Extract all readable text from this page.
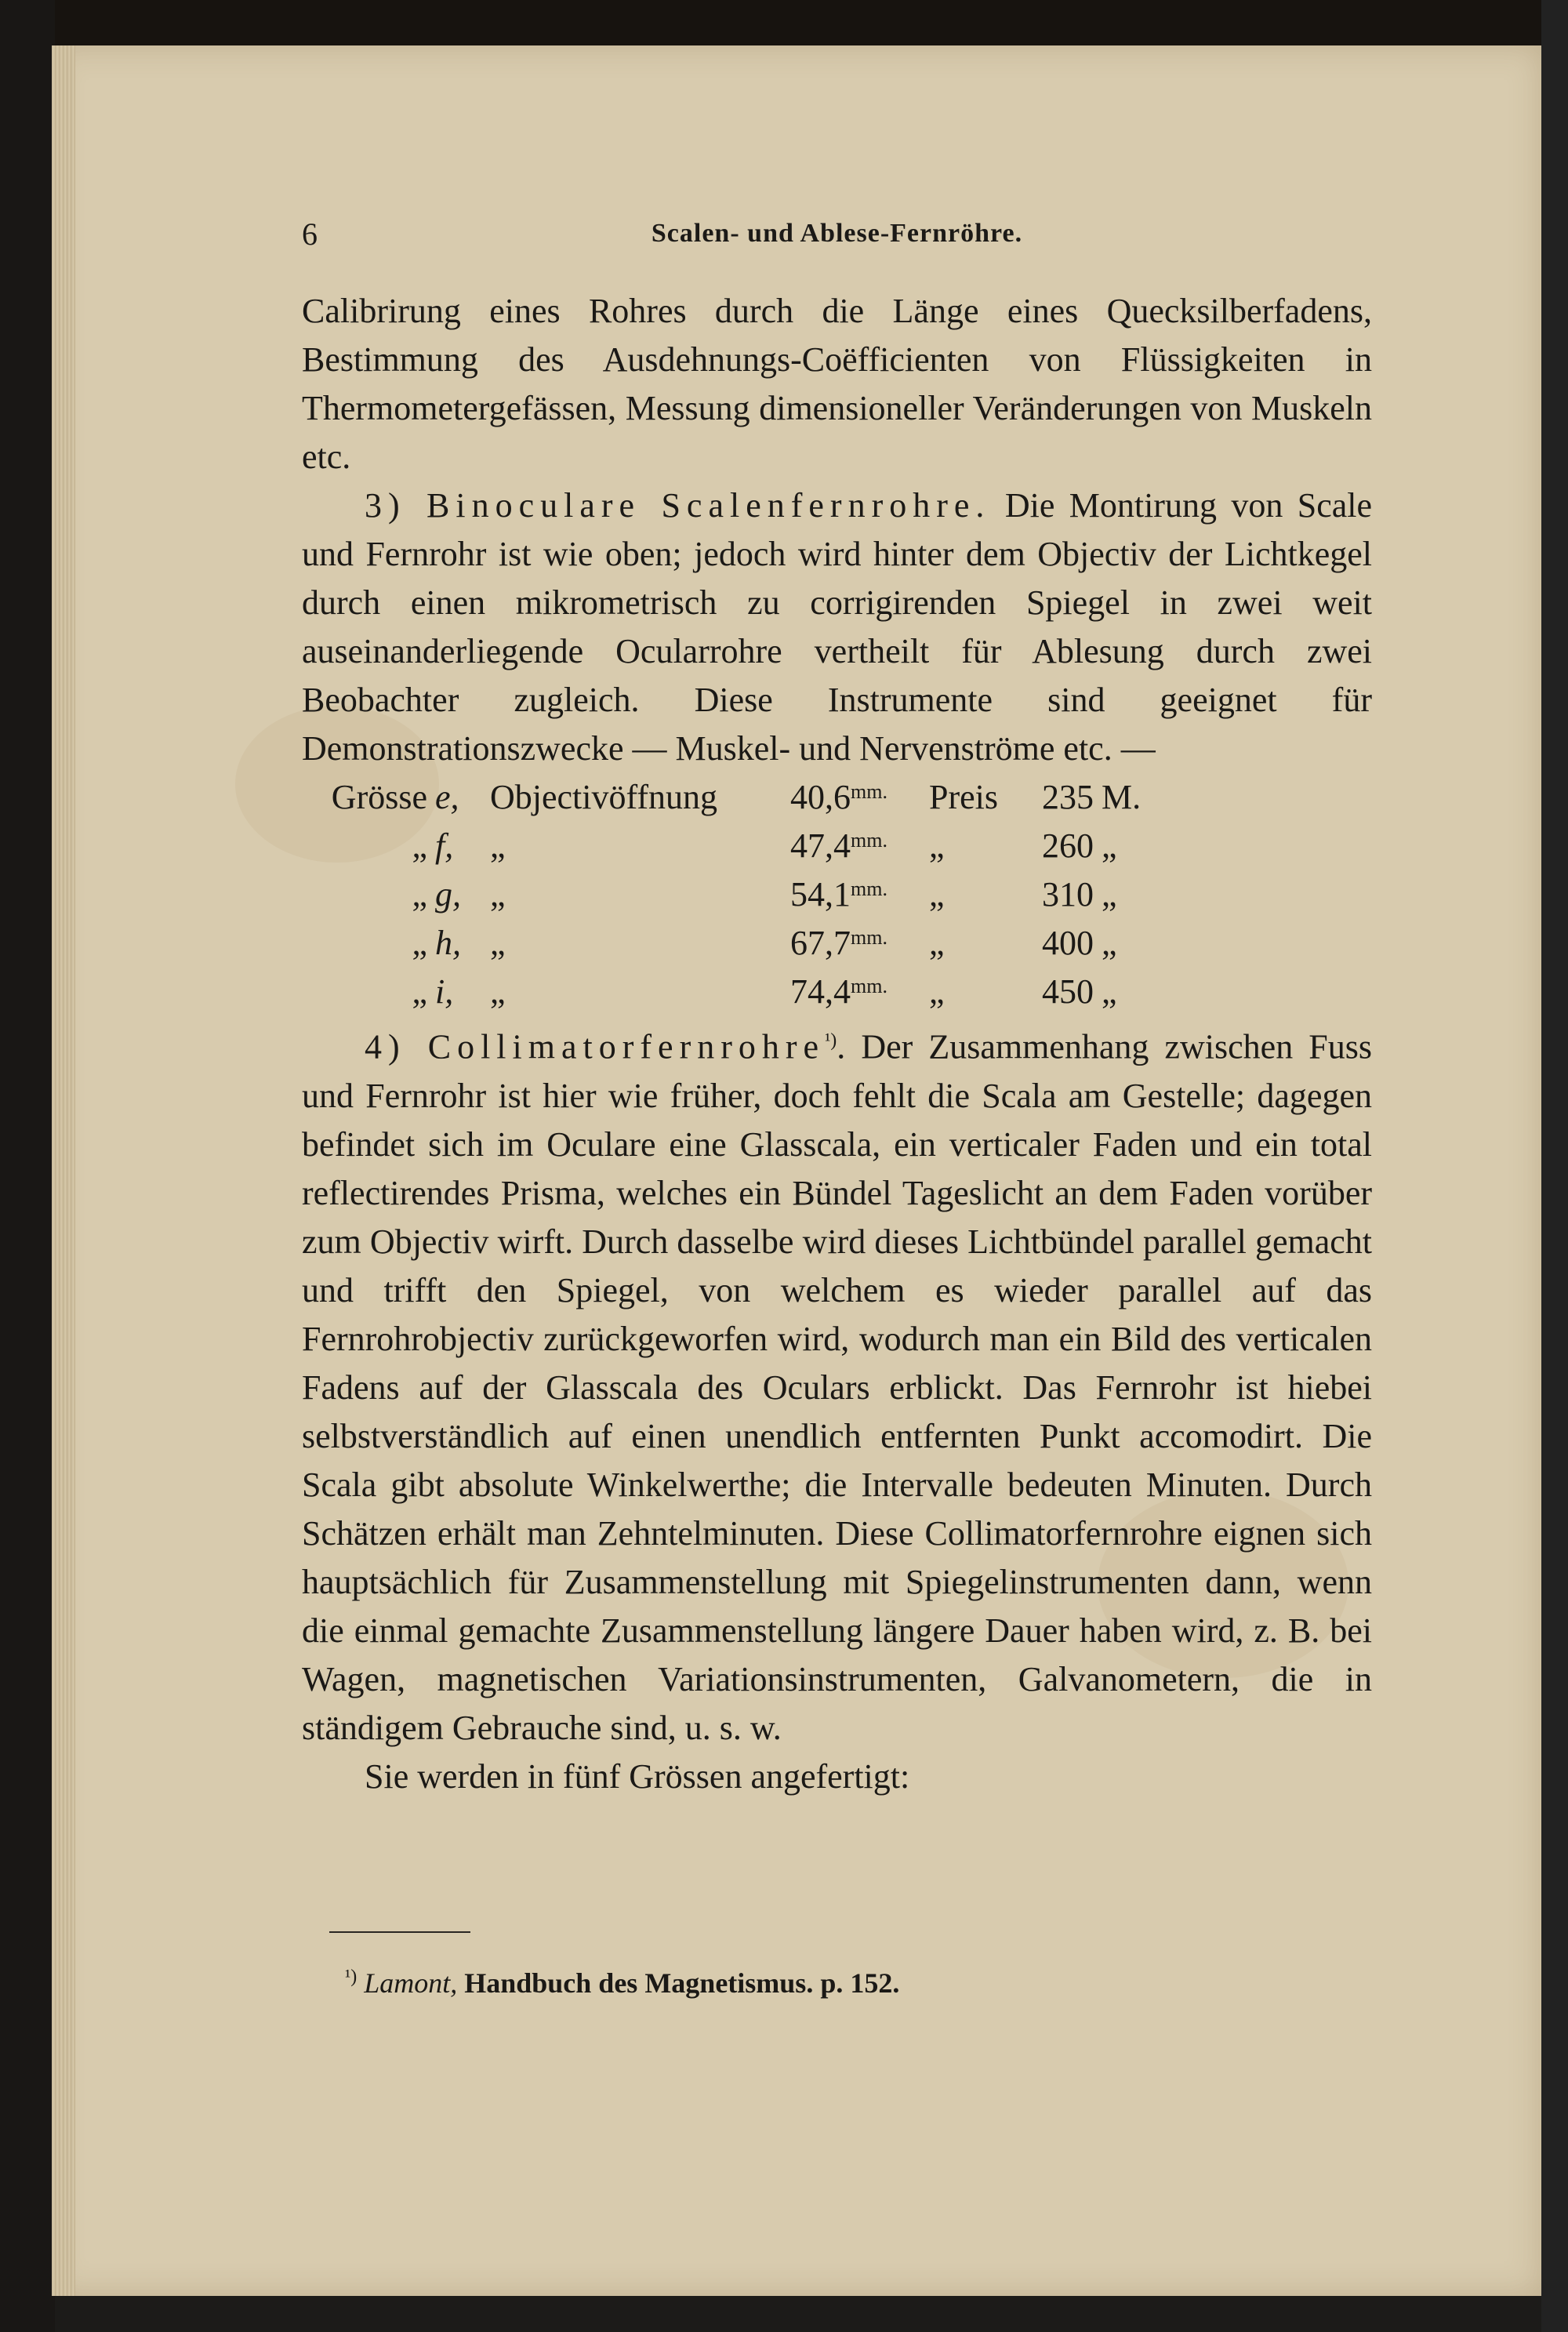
6	Scalen- und Ablese-Fernröhre.

Calibrirung eines Rohres durch die Länge eines Quecksilberfadens, Bestimmung des Ausdehnungs-Coëfficienten von Flüssigkeiten in Thermometergefässen, Messung dimensioneller Veränderungen von Muskeln etc.

3) Binoculare Scalenfernrohre. Die Montirung von Scale und Fernrohr ist wie oben; jedoch wird hinter dem Objectiv der Lichtkegel durch einen mikrometrisch zu corrigirenden Spiegel in zwei weit auseinanderliegende Ocularrohre vertheilt für Ablesung durch zwei Beobachter zugleich. Diese Instrumente sind geeignet für Demonstrationszwecke — Muskel- und Nervenströme etc. —

Grösse	e,	Objectivöffnung	40,6	mm.	Preis	235	M.
„	f,	„	47,4	mm.	„	260	„
„	g,	„	54,1	mm.	„	310	„
„	h,	„	67,7	mm.	„	400	„
„	i,	„	74,4	mm.	„	450	„

4) Collimatorfernrohre$^{^1)}$. Der Zusammenhang zwischen Fuss und Fernrohr ist hier wie früher, doch fehlt die Scala am Gestelle; dagegen befindet sich im Oculare eine Glasscala, ein verticaler Faden und ein total reflectirendes Prisma, welches ein Bündel Tageslicht an dem Faden vorüber zum Objectiv wirft. Durch dasselbe wird dieses Lichtbündel parallel gemacht und trifft den Spiegel, von welchem es wieder parallel auf das Fernrohrobjectiv zurückgeworfen wird, wodurch man ein Bild des verticalen Fadens auf der Glasscala des Oculars erblickt. Das Fernrohr ist hiebei selbstverständlich auf einen unendlich entfernten Punkt accomodirt. Die Scala gibt absolute Winkelwerthe; die Intervalle bedeuten Minuten. Durch Schätzen erhält man Zehntelminuten. Diese Collimatorfernrohre eignen sich hauptsächlich für Zusammenstellung mit Spiegelinstrumenten dann, wenn die einmal gemachte Zusammenstellung längere Dauer haben wird, z. B. bei Wagen, magnetischen Variationsinstrumenten, Galvanometern, die in ständigem Gebrauche sind, u. s. w.

Sie werden in fünf Grössen angefertigt:

$^{^1)}$ Lamont, Handbuch des Magnetismus. p. 152.
